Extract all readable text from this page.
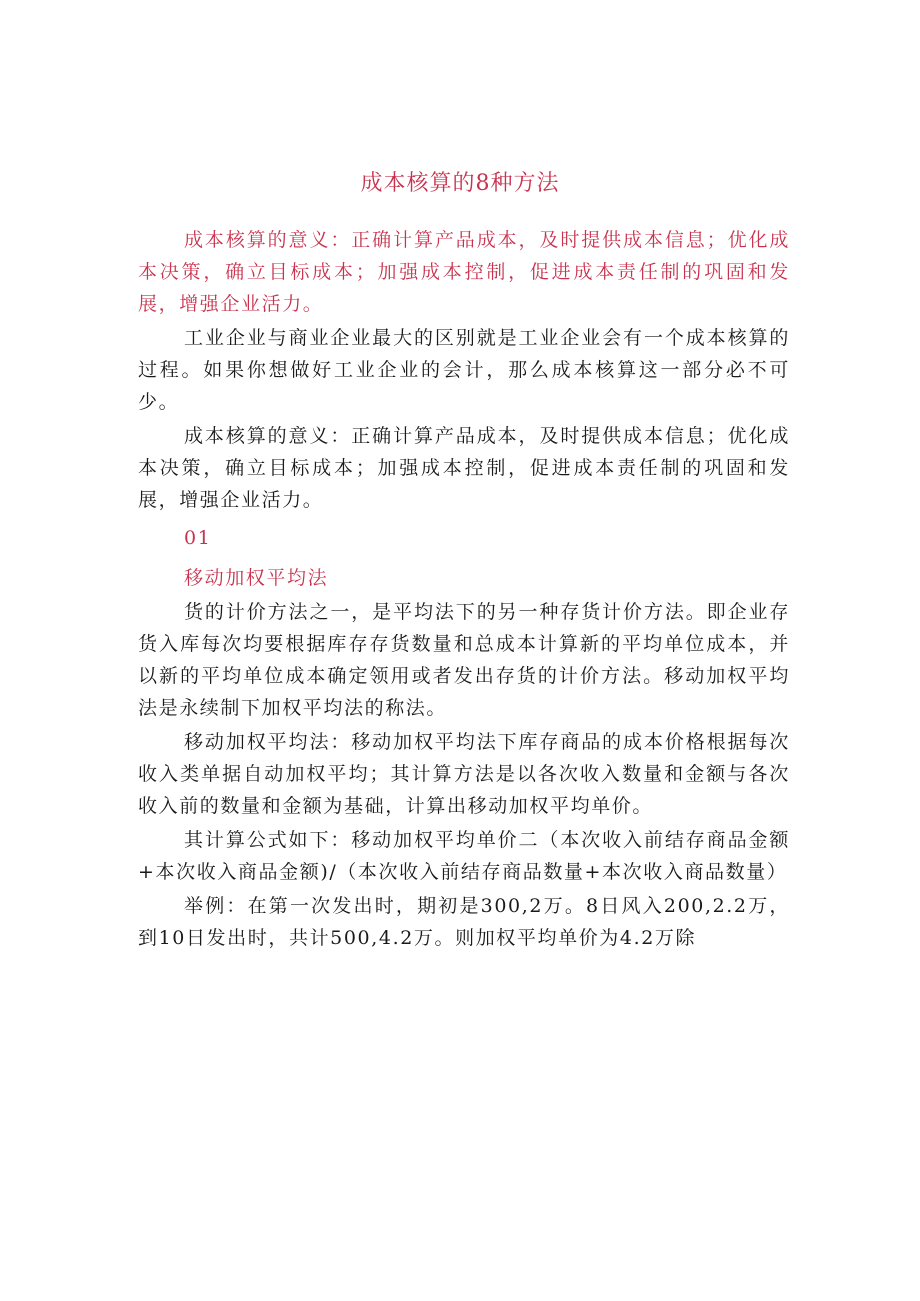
成本核算的8种方法

成本核算的意义：正确计算产品成本，及时提供成本信息；优化成本决策，确立目标成本；加强成本控制，促进成本责任制的巩固和发展，增强企业活力。

工业企业与商业企业最大的区别就是工业企业会有一个成本核算的过程。如果你想做好工业企业的会计，那么成本核算这一部分必不可少。

成本核算的意义：正确计算产品成本，及时提供成本信息；优化成本决策，确立目标成本；加强成本控制，促进成本责任制的巩固和发展，增强企业活力。

01
移动加权平均法

货的计价方法之一，是平均法下的另一种存货计价方法。即企业存货入库每次均要根据库存存货数量和总成本计算新的平均单位成本，并以新的平均单位成本确定领用或者发出存货的计价方法。移动加权平均法是永续制下加权平均法的称法。

移动加权平均法：移动加权平均法下库存商品的成本价格根据每次收入类单据自动加权平均；其计算方法是以各次收入数量和金额与各次收入前的数量和金额为基础，计算出移动加权平均单价。

其计算公式如下：移动加权平均单价二（本次收入前结存商品金额+本次收入商品金额)/（本次收入前结存商品数量+本次收入商品数量）

举例：在第一次发出时，期初是300,2万。8日风入200,2.2万，到10日发出时，共计500,4.2万。则加权平均单价为4.2万除
